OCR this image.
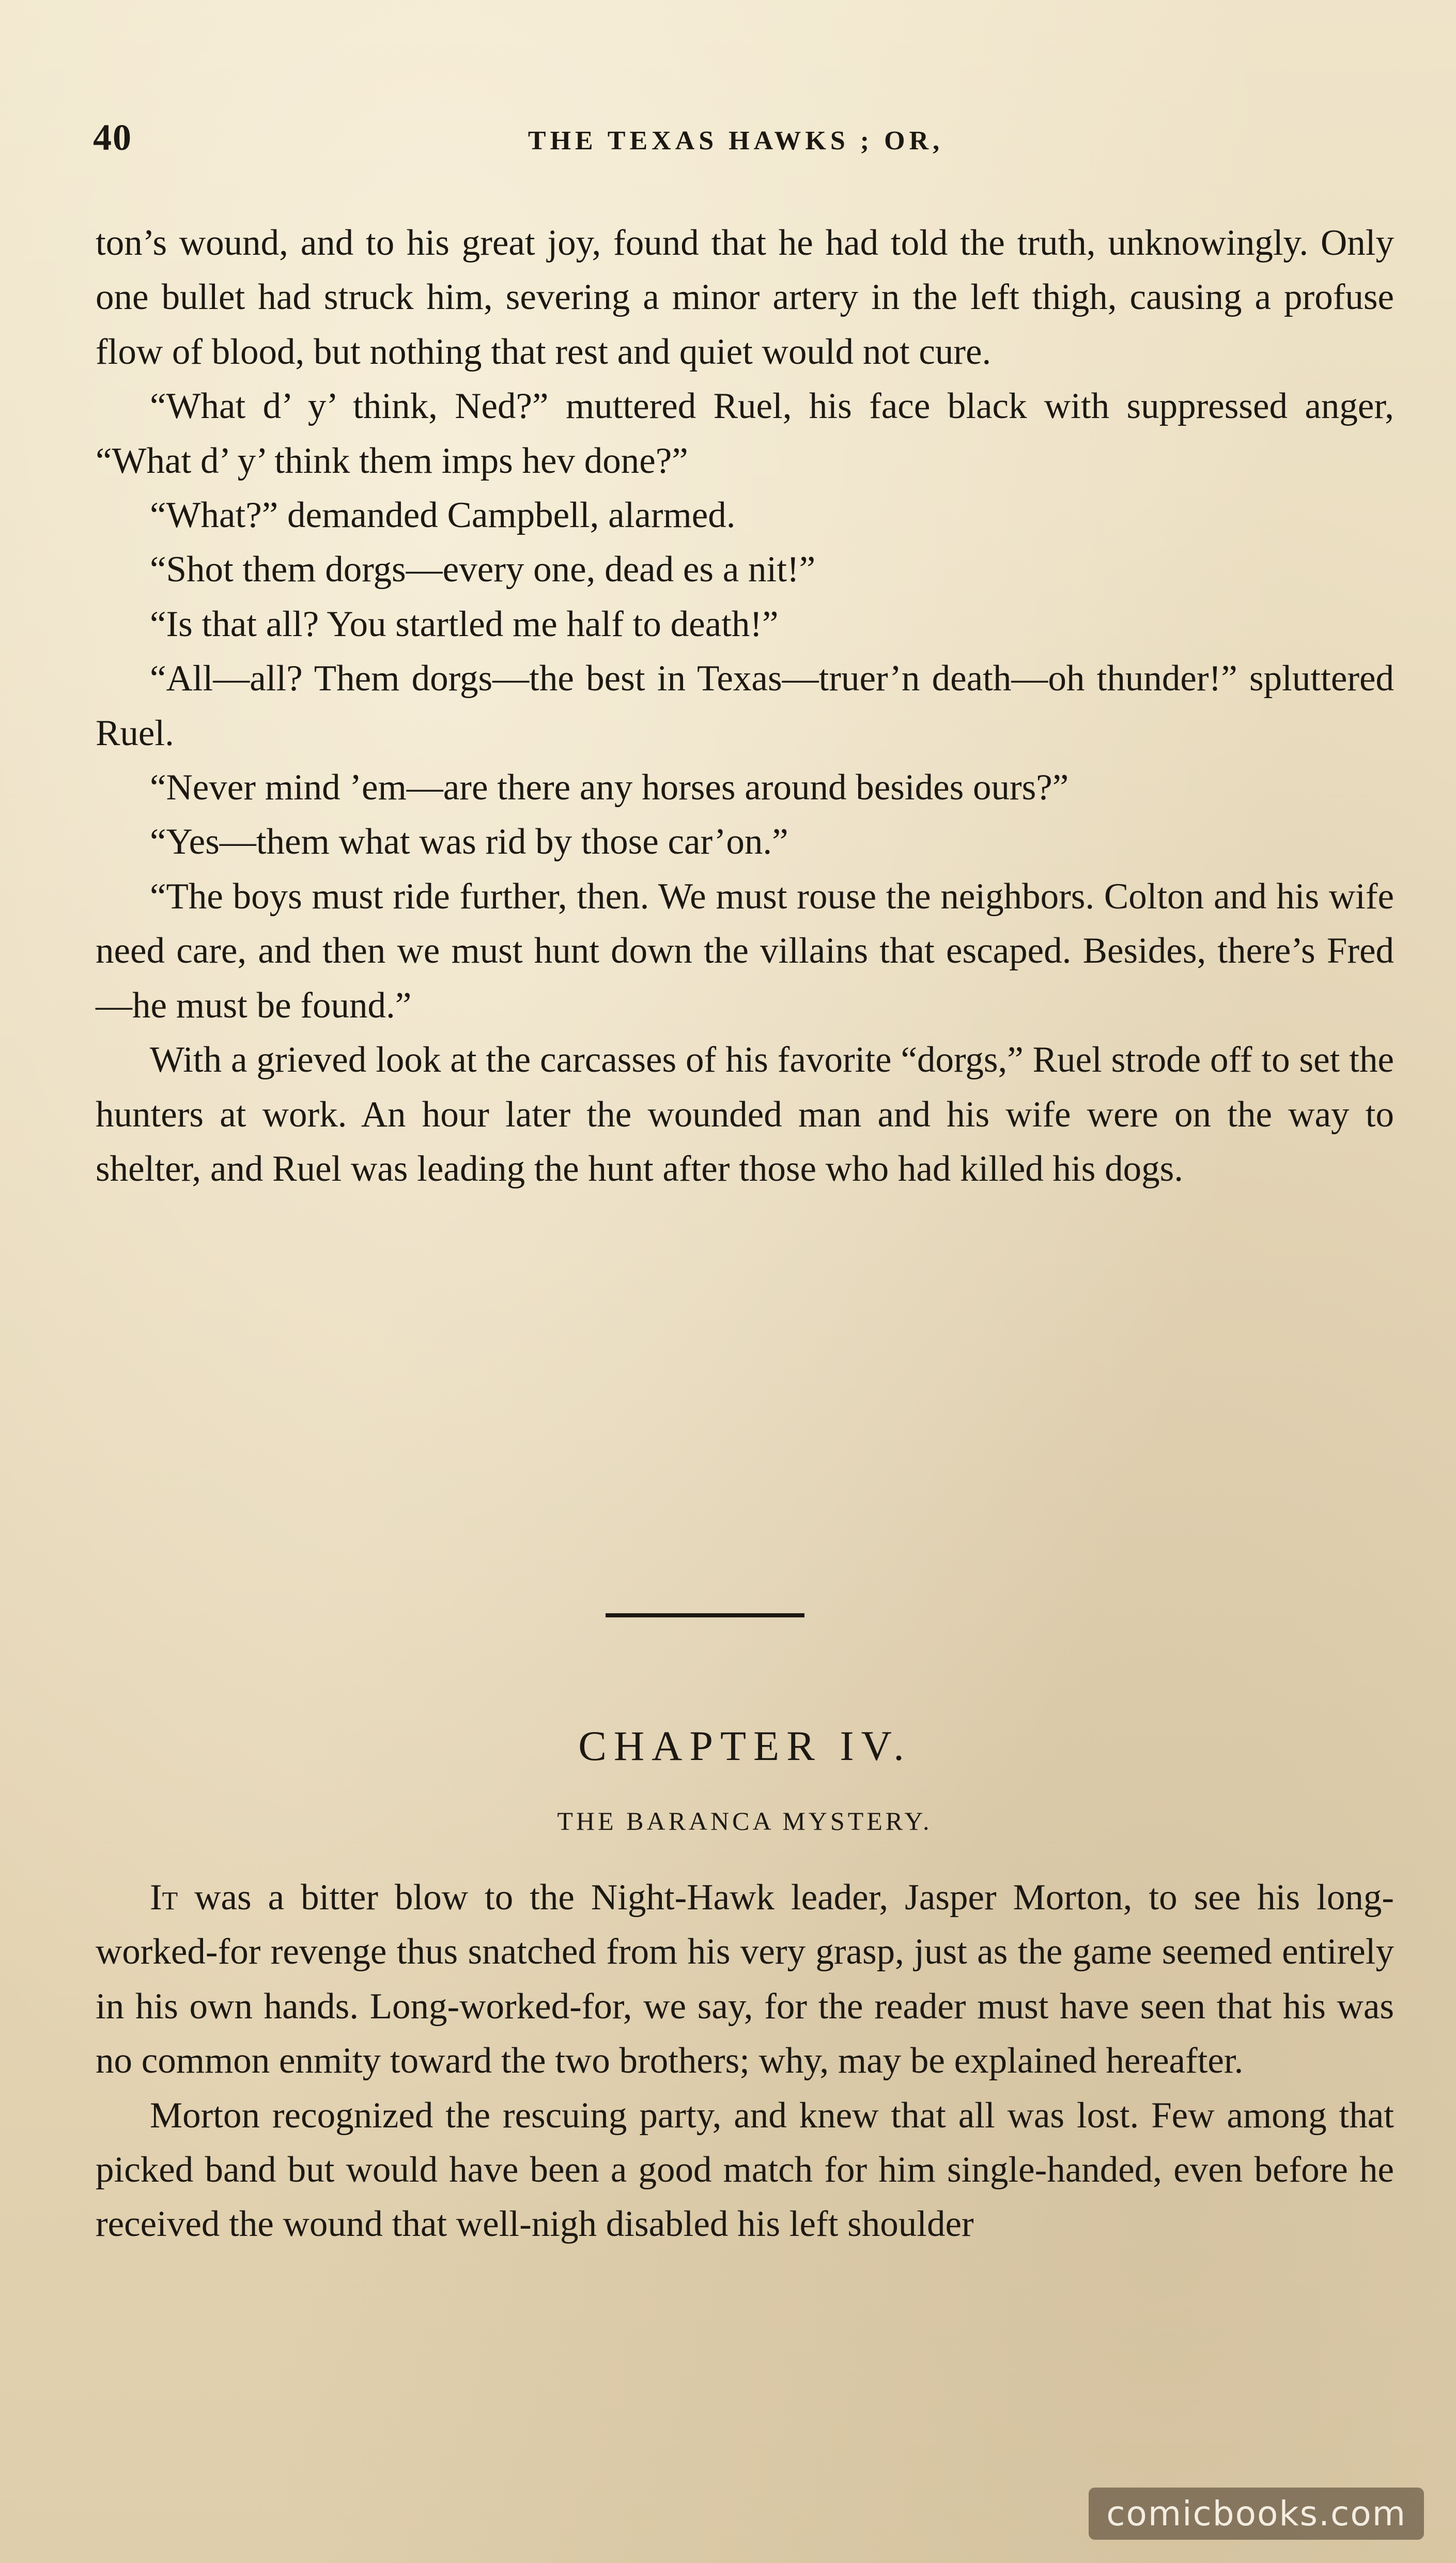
40	THE TEXAS HAWKS ; OR,

ton’s wound, and to his great joy, found that he had told the truth, unknowingly. Only one bullet had struck him, severing a minor artery in the left thigh, causing a profuse flow of blood, but nothing that rest and quiet would not cure.

“What d’ y’ think, Ned?” muttered Ruel, his face black with suppressed anger, “What d’ y’ think them imps hev done?”

“What?” demanded Campbell, alarmed.

“Shot them dorgs—every one, dead es a nit!”

“Is that all? You startled me half to death!”

“All—all? Them dorgs—the best in Texas—truer’n death—oh thunder!” spluttered Ruel.

“Never mind ’em—are there any horses around besides ours?”

“Yes—them what was rid by those car’on.”

“The boys must ride further, then. We must rouse the neighbors. Colton and his wife need care, and then we must hunt down the villains that escaped. Besides, there’s Fred—he must be found.”

With a grieved look at the carcasses of his favorite “dorgs,” Ruel strode off to set the hunters at work. An hour later the wounded man and his wife were on the way to shelter, and Ruel was leading the hunt after those who had killed his dogs.

CHAPTER IV.
THE BARANCA MYSTERY.

It was a bitter blow to the Night-Hawk leader, Jasper Morton, to see his long-worked-for revenge thus snatched from his very grasp, just as the game seemed entirely in his own hands. Long-worked-for, we say, for the reader must have seen that his was no common enmity toward the two brothers; why, may be explained hereafter.

Morton recognized the rescuing party, and knew that all was lost. Few among that picked band but would have been a good match for him single-handed, even before he received the wound that well-nigh disabled his left shoulder

comicbooks.com
